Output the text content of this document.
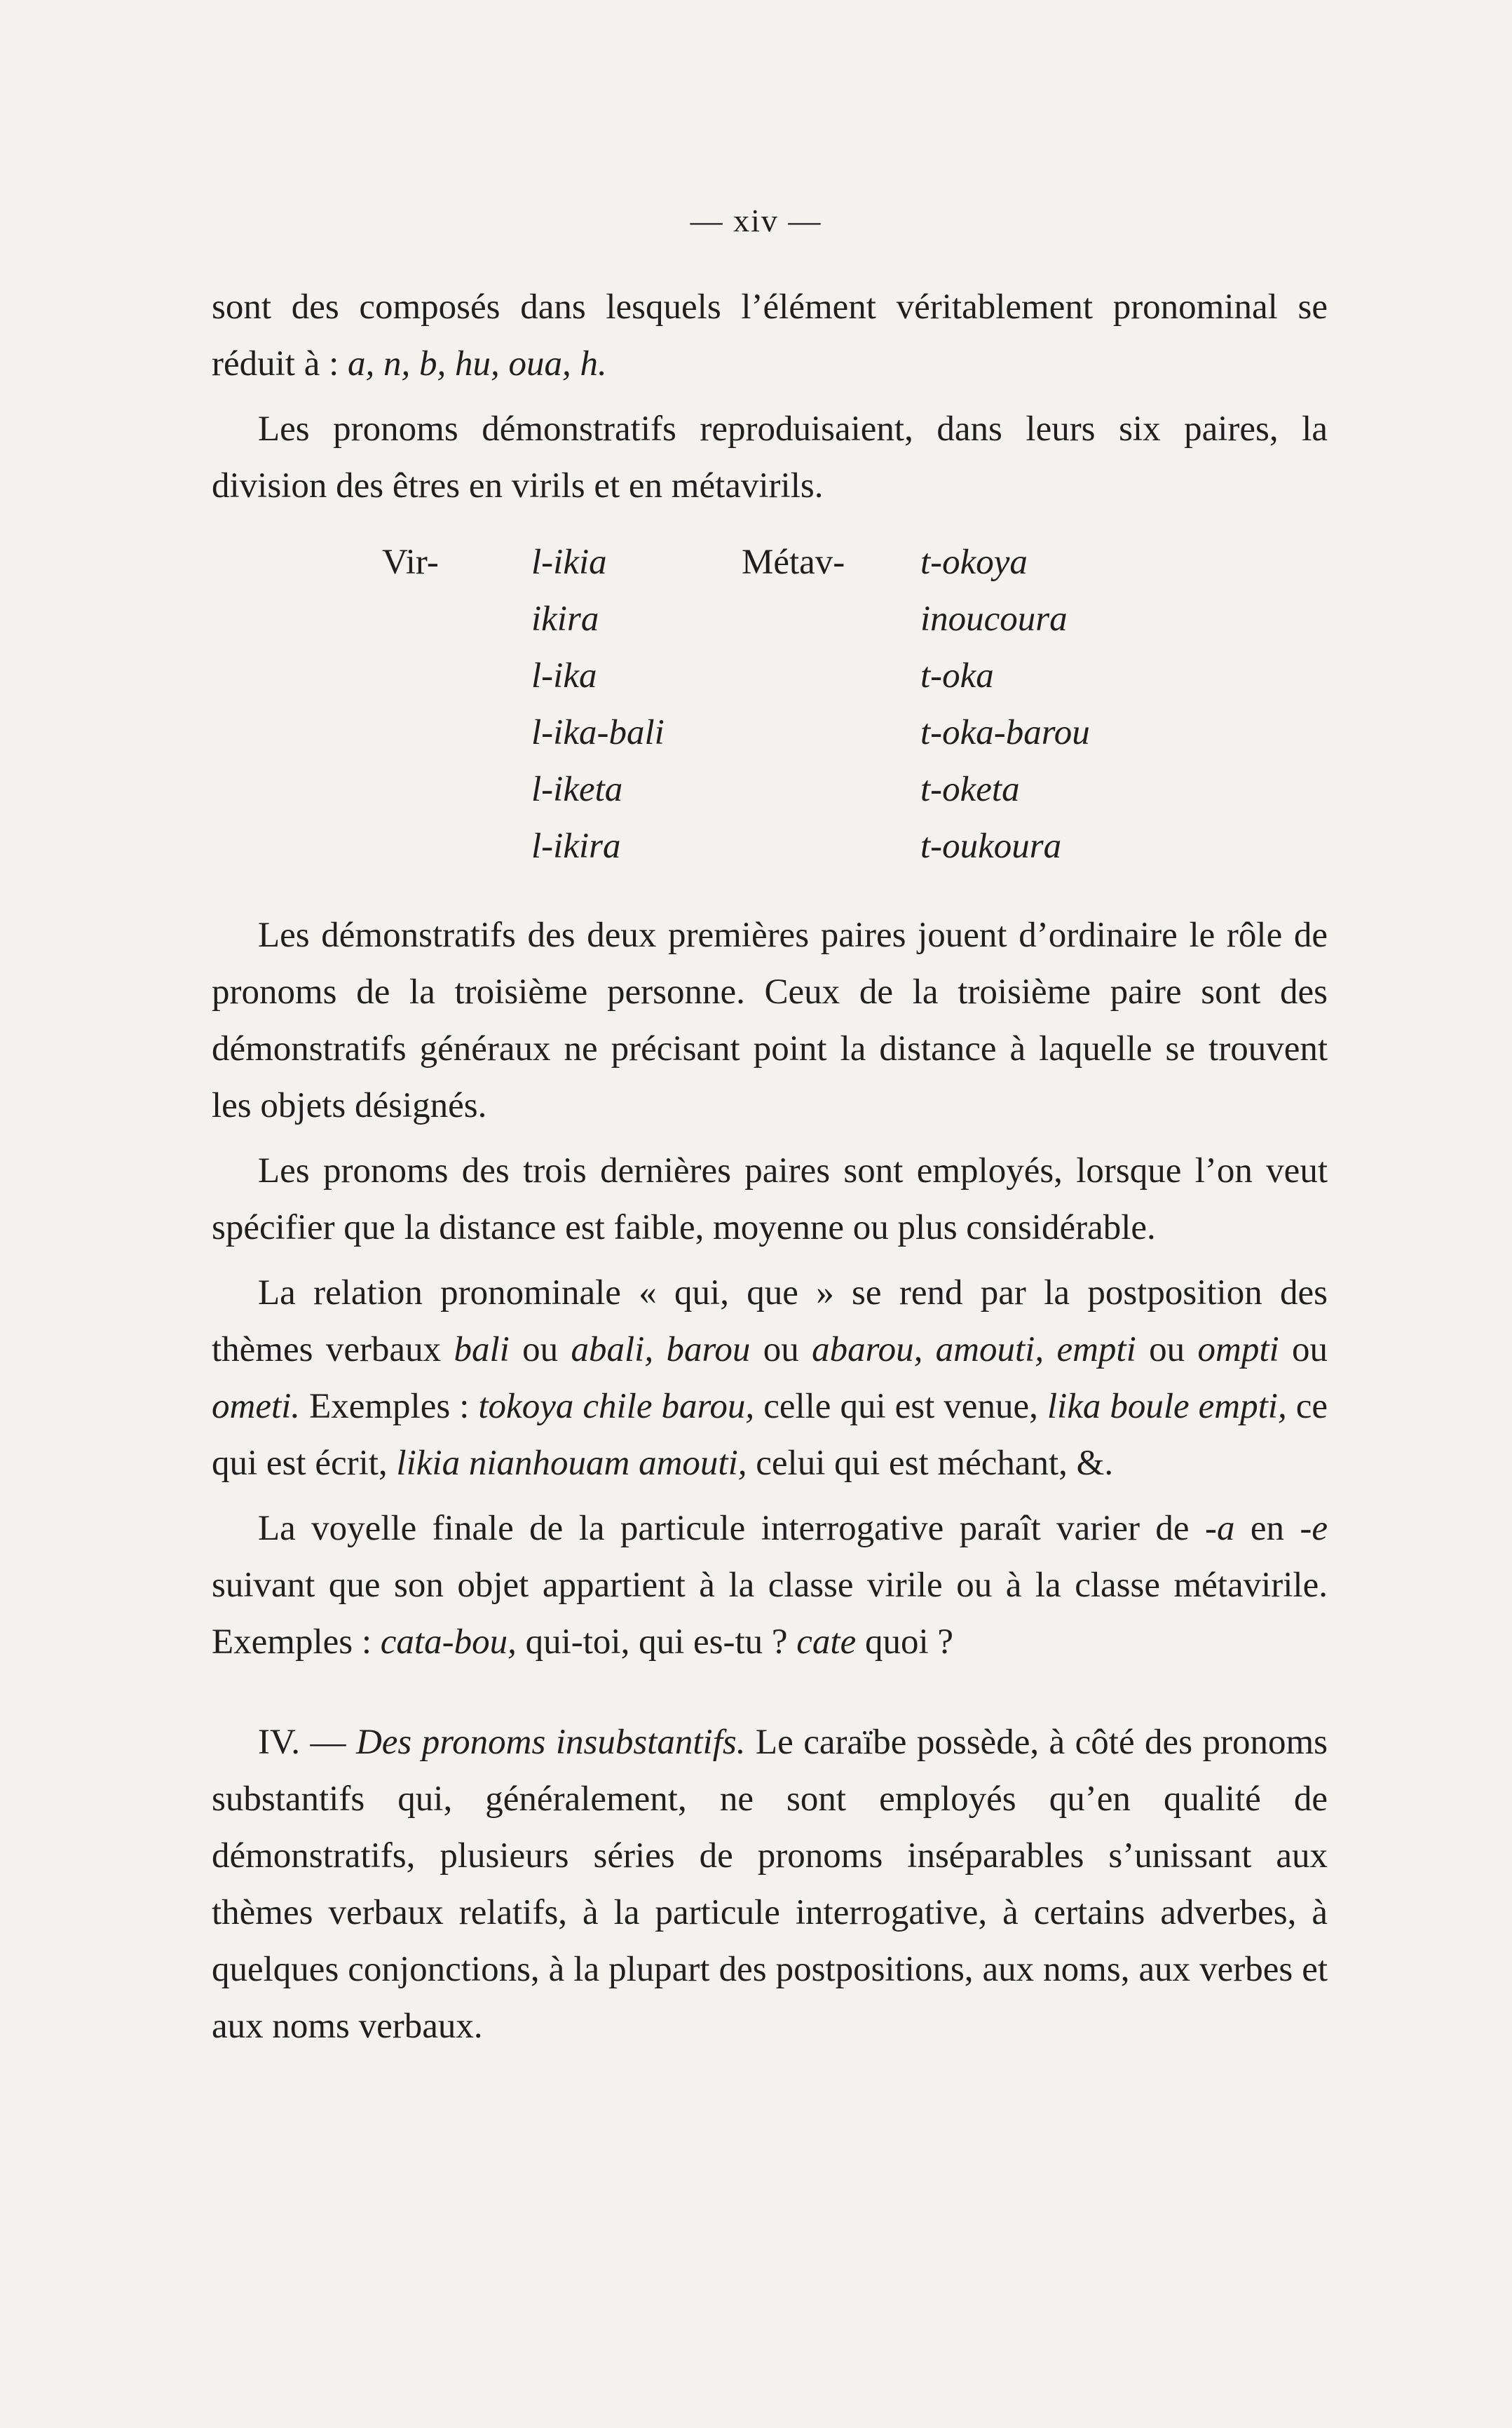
— xiv —

sont des composés dans lesquels l’élément véritablement pronominal se réduit à : a, n, b, hu, oua, h.

Les pronoms démonstratifs reproduisaient, dans leurs six paires, la division des êtres en virils et en métavirils.

Vir-	l-ikia	Métav-	t-okoya
	ikira		inoucoura
	l-ika		t-oka
	l-ika-bali		t-oka-barou
	l-iketa		t-oketa
	l-ikira		t-oukoura

Les démonstratifs des deux premières paires jouent d’ordinaire le rôle de pronoms de la troisième personne. Ceux de la troisième paire sont des démonstratifs généraux ne précisant point la distance à laquelle se trouvent les objets désignés.

Les pronoms des trois dernières paires sont employés, lorsque l’on veut spécifier que la distance est faible, moyenne ou plus considérable.

La relation pronominale « qui, que » se rend par la postposition des thèmes verbaux bali ou abali, barou ou abarou, amouti, empti ou ompti ou ometi. Exemples : tokoya chile barou, celle qui est venue, lika boule empti, ce qui est écrit, likia nianhouam amouti, celui qui est méchant, &.

La voyelle finale de la particule interrogative paraît varier de -a en -e suivant que son objet appartient à la classe virile ou à la classe métavirile. Exemples : cata-bou, qui-toi, qui es-tu ? cate quoi ?

IV. — Des pronoms insubstantifs. Le caraïbe possède, à côté des pronoms substantifs qui, généralement, ne sont employés qu’en qualité de démonstratifs, plusieurs séries de pronoms inséparables s’unissant aux thèmes verbaux relatifs, à la particule interrogative, à certains adverbes, à quelques conjonctions, à la plupart des postpositions, aux noms, aux verbes et aux noms verbaux.
